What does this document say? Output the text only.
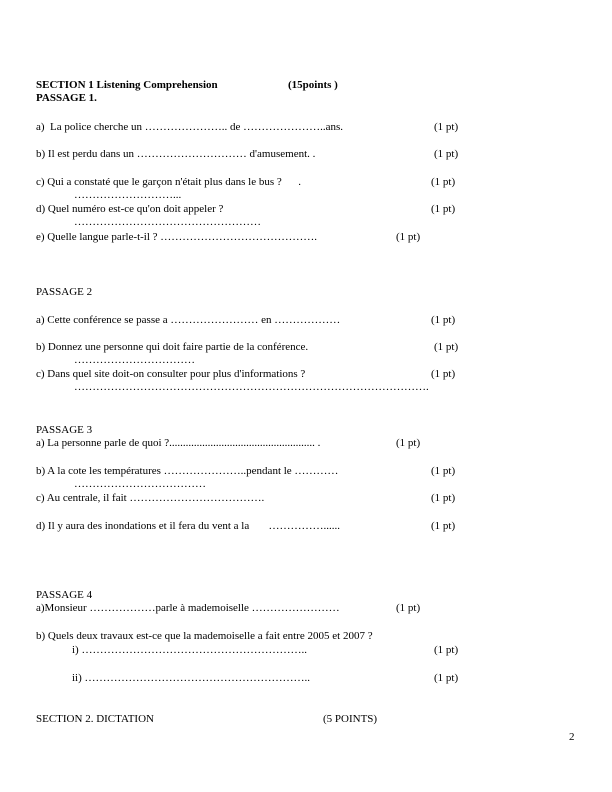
SECTION 1 Listening Comprehension	(15points )
PASSAGE 1.
a)  La police cherche un ………………….. de …………………..ans.	(1 pt)
b) Il est perdu dans un ………………………… d'amusement. .	(1 pt)
c) Qui a constaté que le garçon n'était plus dans le bus ?      .	(1 pt)
………………………...
d) Quel numéro est-ce qu'on doit appeler ?	(1 pt)
……………………………………………
e) Quelle langue parle-t-il ? …………………………………….	(1 pt)
PASSAGE 2
a) Cette conférence se passe a …………………… en ………………	(1 pt)
b) Donnez une personne qui doit faire partie de la conférence.	(1 pt)
……………………………
c) Dans quel site doit-on consulter pour plus d'informations ?	(1 pt)
…………………………………………………………………………………….
PASSAGE 3
a) La personne parle de quoi ?..................................................... .	(1 pt)
b) A la cote les températures …………………..pendant le …………	(1 pt)
………………………………
c) Au centrale, il fait ……………………………….	(1 pt)
d) Il y aura des inondations et il fera du vent a la       ……………......	(1 pt)
PASSAGE 4
a)Monsieur ………………parle à mademoiselle ……………………	(1 pt)
b) Quels deux travaux est-ce que la mademoiselle a fait entre 2005 et 2007 ?
i) ……………………………………………………..	(1 pt)
ii) ……………………………………………………..	(1 pt)
SECTION 2. DICTATION	(5 POINTS)
2
